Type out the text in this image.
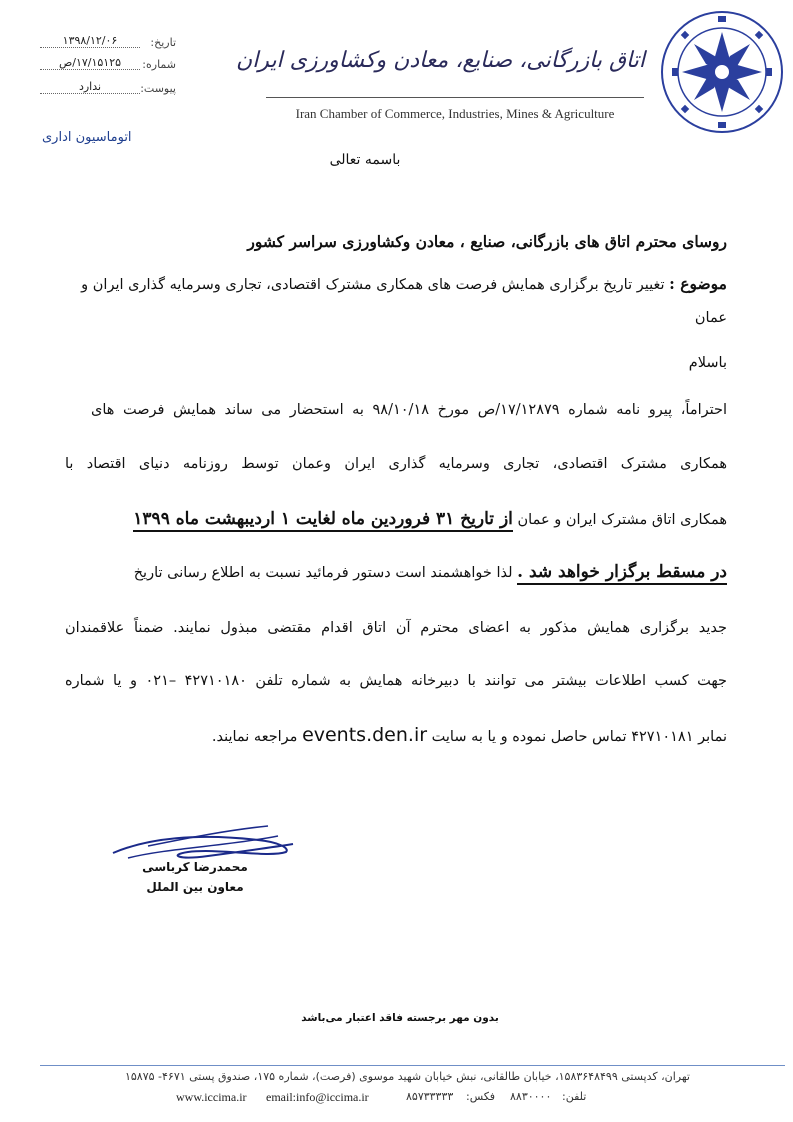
تاریخ:
۱۳۹۸/۱۲/۰۶
شماره:
۱۷/۱۵۱۲۵/ص
پیوست:
ندارد
اتوماسیون اداری
اتاق بازرگانی، صنایع، معادن وکشاورزی ایران
Iran Chamber of Commerce, Industries, Mines & Agriculture
باسمه تعالی
روسای محترم اتاق های بازرگانی، صنایع ، معادن وکشاورزی سراسر کشور
موضوع : تغییر تاریخ برگزاری همایش فرصت های همکاری مشترک اقتصادی، تجاری وسرمایه گذاری ایران و
عمان
باسلام
احتراماً، پیرو نامه شماره ۱۷/۱۲۸۷۹/ص مورخ ۹۸/۱۰/۱۸ به استحضار می ساند همایش فرصت های
همکاری مشترک اقتصادی، تجاری وسرمایه گذاری ایران وعمان توسط روزنامه دنیای اقتصاد با
همکاری اتاق مشترک ایران و عمان از تاریخ ۳۱ فروردین ماه لغایت ۱ اردیبهشت ماه ۱۳۹۹
در مسقط برگزار خواهد شد . لذا خواهشمند است دستور فرمائید نسبت به اطلاع رسانی تاریخ
جدید برگزاری همایش مذکور به اعضای محترم آن اتاق اقدام مقتضی مبذول نمایند. ضمناً علاقمندان
جهت کسب اطلاعات بیشتر می توانند با دبیرخانه همایش به شماره تلفن ۴۲۷۱۰۱۸۰ –۰۲۱ و یا شماره
نمابر ۴۲۷۱۰۱۸۱ تماس حاصل نموده و یا به سایت events.den.ir مراجعه نمایند.
محمدرضا کرباسی
معاون بین الملل
بدون مهر برجسته فاقد اعتبار می‌باشد
تهران، کدپستی ۱۵۸۳۶۴۸۴۹۹، خیابان طالقانی، نبش خیابان شهید موسوی (فرصت)، شماره ۱۷۵، صندوق پستی ۴۶۷۱- ۱۵۸۷۵
www.iccima.ir email:info@iccima.ir	۸۵۷۳۳۳۳۳ فکس: ۸۸۳۰۰۰۰ تلفن:
